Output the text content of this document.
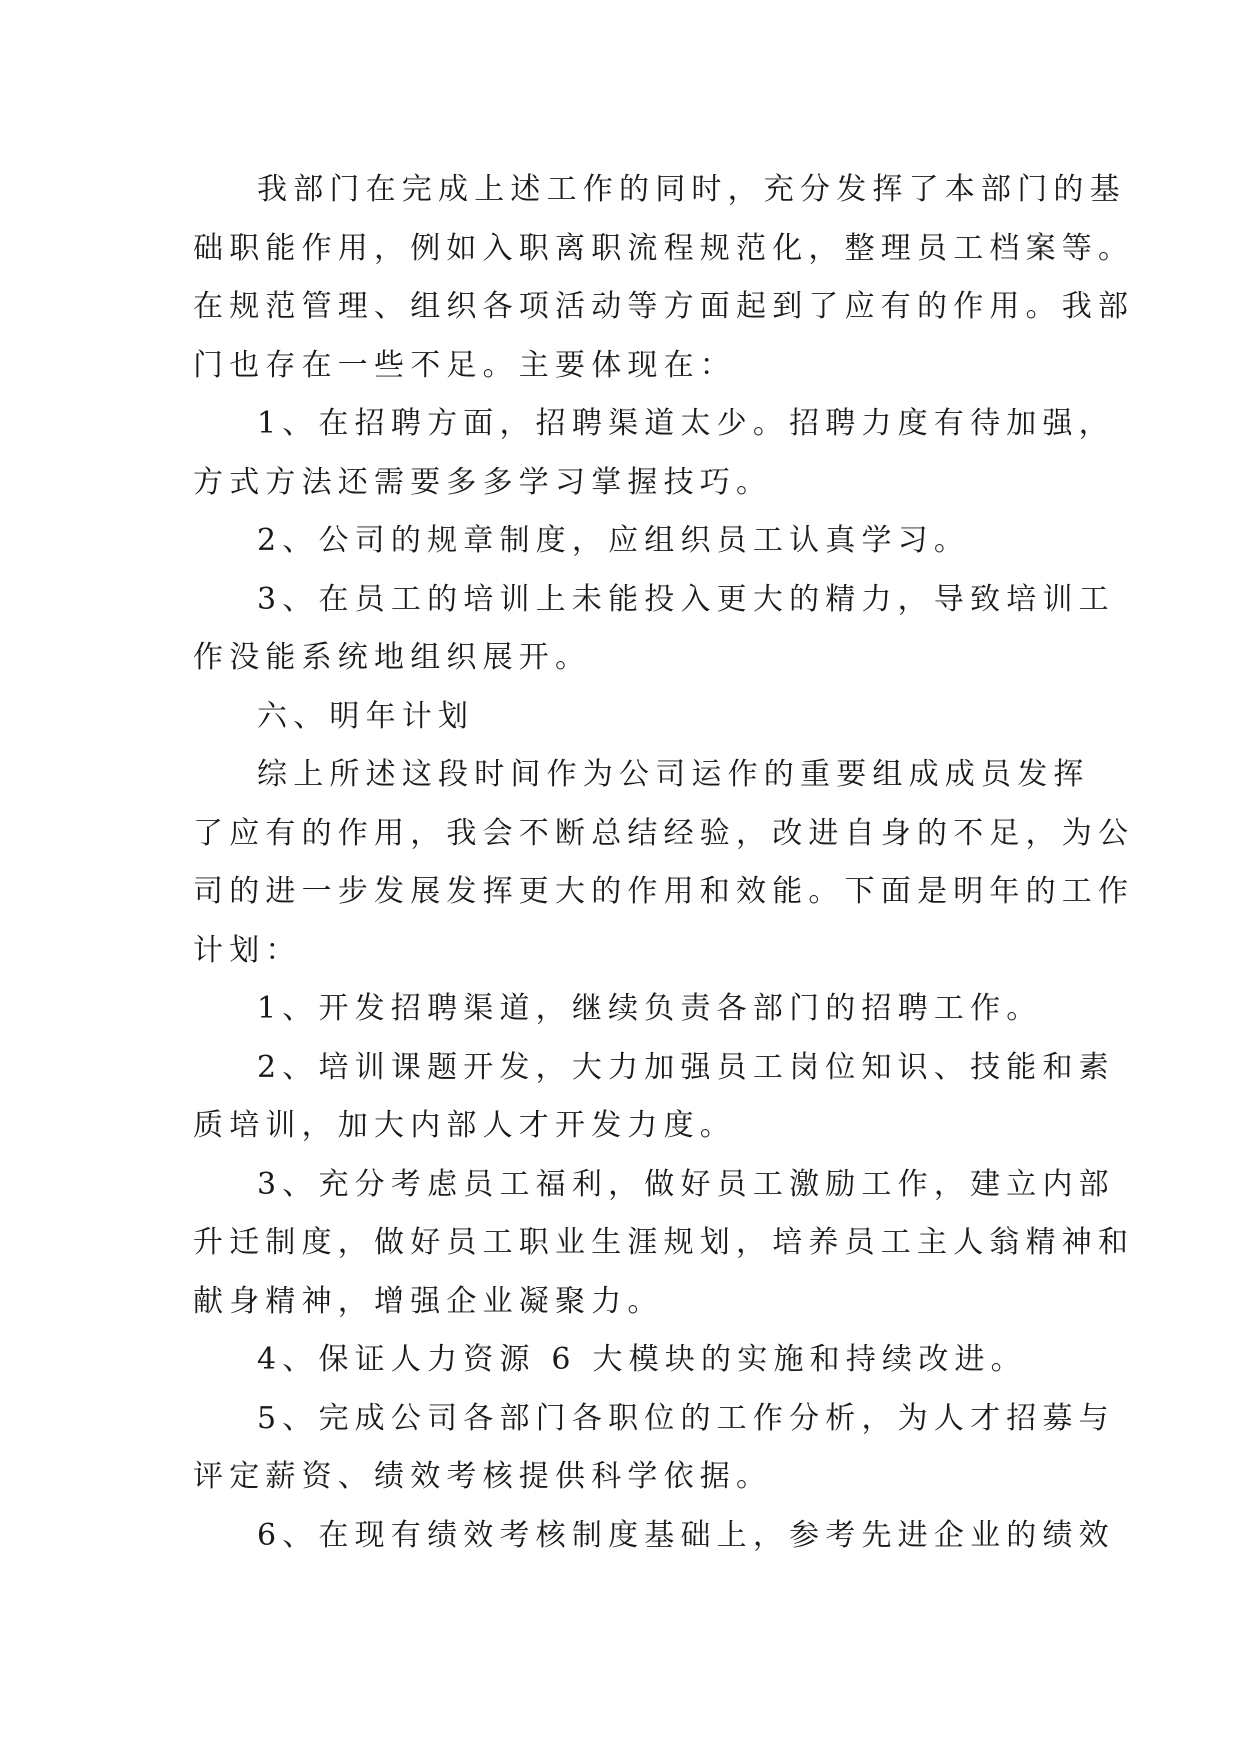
我部门在完成上述工作的同时，充分发挥了本部门的基
础职能作用，例如入职离职流程规范化，整理员工档案等。
在规范管理、组织各项活动等方面起到了应有的作用。我部
门也存在一些不足。主要体现在：
1、在招聘方面，招聘渠道太少。招聘力度有待加强，
方式方法还需要多多学习掌握技巧。
2、公司的规章制度，应组织员工认真学习。
3、在员工的培训上未能投入更大的精力，导致培训工
作没能系统地组织展开。
六、明年计划
综上所述这段时间作为公司运作的重要组成成员发挥
了应有的作用，我会不断总结经验，改进自身的不足，为公
司的进一步发展发挥更大的作用和效能。下面是明年的工作
计划：
1、开发招聘渠道，继续负责各部门的招聘工作。
2、培训课题开发，大力加强员工岗位知识、技能和素
质培训，加大内部人才开发力度。
3、充分考虑员工福利，做好员工激励工作，建立内部
升迁制度，做好员工职业生涯规划，培养员工主人翁精神和
献身精神，增强企业凝聚力。
4、保证人力资源 6 大模块的实施和持续改进。
5、完成公司各部门各职位的工作分析，为人才招募与
评定薪资、绩效考核提供科学依据。
6、在现有绩效考核制度基础上，参考先进企业的绩效
